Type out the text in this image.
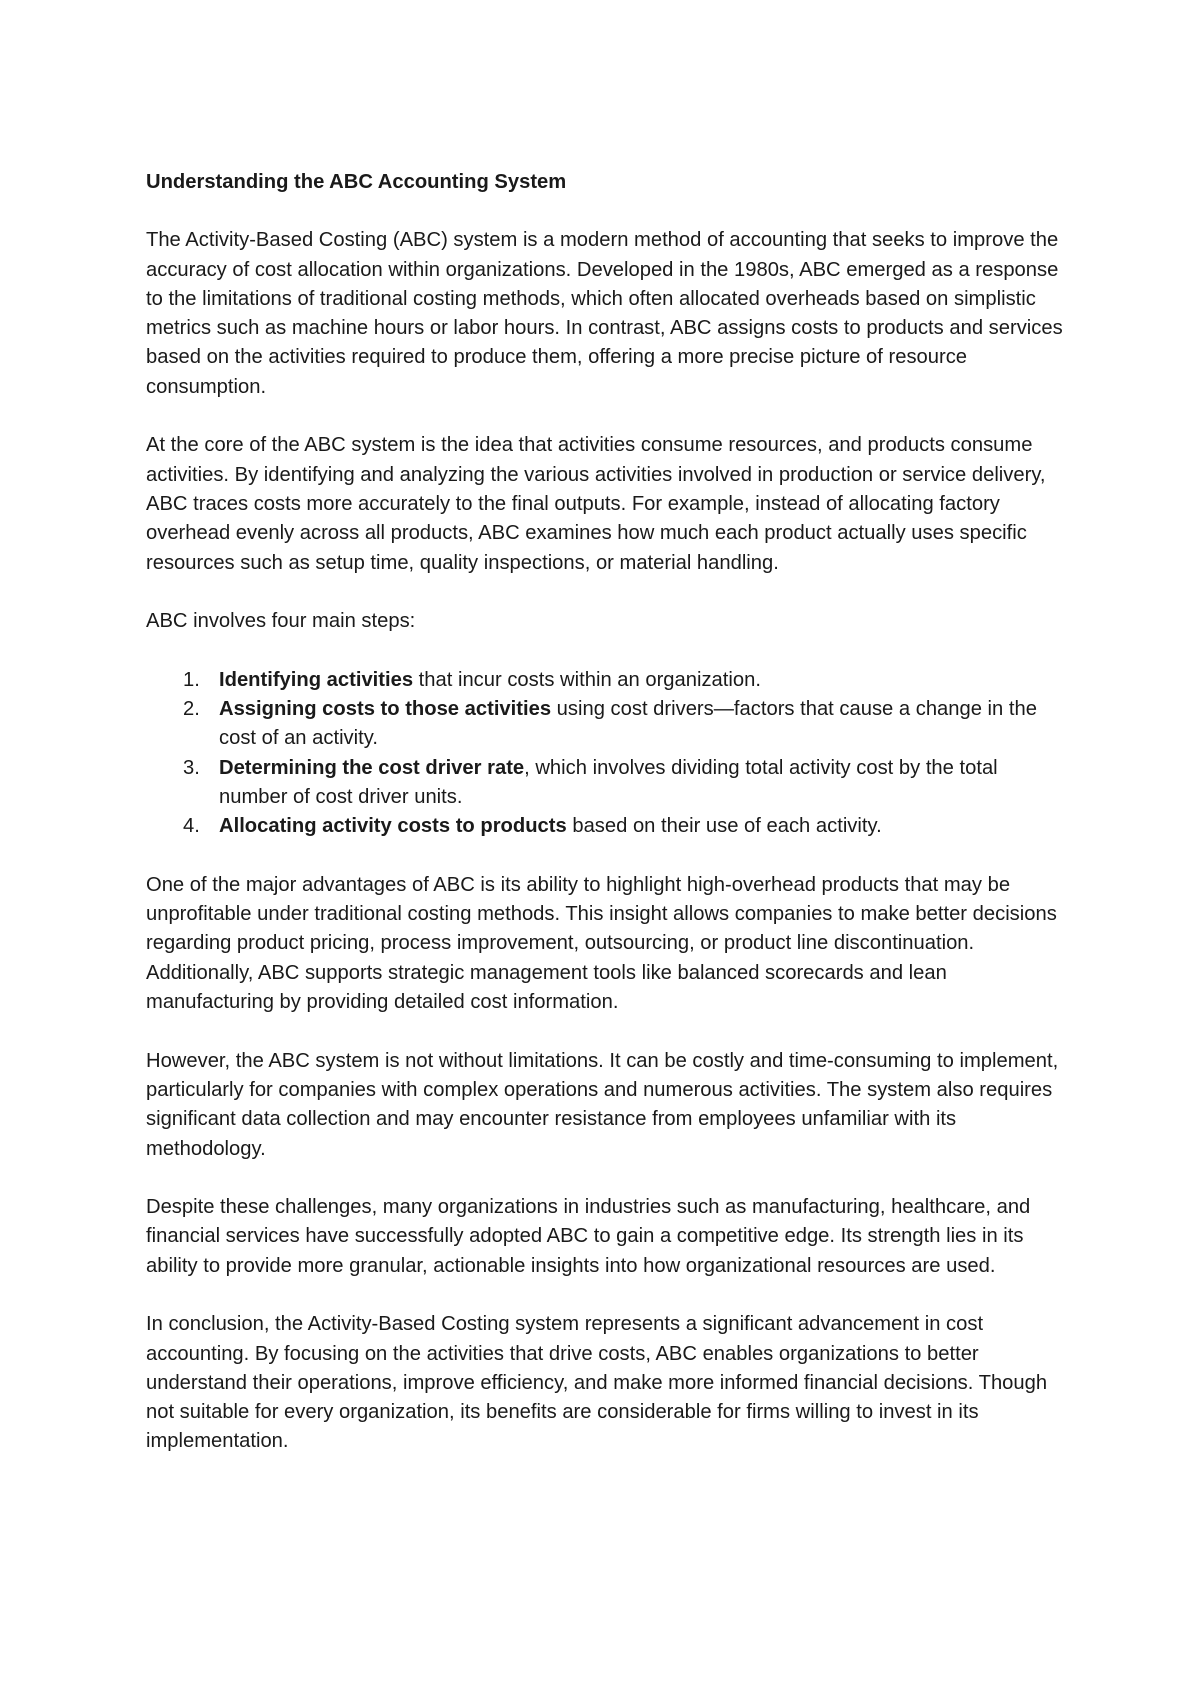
Understanding the ABC Accounting System

The Activity-Based Costing (ABC) system is a modern method of accounting that seeks to improve the accuracy of cost allocation within organizations. Developed in the 1980s, ABC emerged as a response to the limitations of traditional costing methods, which often allocated overheads based on simplistic metrics such as machine hours or labor hours. In contrast, ABC assigns costs to products and services based on the activities required to produce them, offering a more precise picture of resource consumption.

At the core of the ABC system is the idea that activities consume resources, and products consume activities. By identifying and analyzing the various activities involved in production or service delivery, ABC traces costs more accurately to the final outputs. For example, instead of allocating factory overhead evenly across all products, ABC examines how much each product actually uses specific resources such as setup time, quality inspections, or material handling.

ABC involves four main steps:

1. Identifying activities that incur costs within an organization.
2. Assigning costs to those activities using cost drivers—factors that cause a change in the cost of an activity.
3. Determining the cost driver rate, which involves dividing total activity cost by the total number of cost driver units.
4. Allocating activity costs to products based on their use of each activity.

One of the major advantages of ABC is its ability to highlight high-overhead products that may be unprofitable under traditional costing methods. This insight allows companies to make better decisions regarding product pricing, process improvement, outsourcing, or product line discontinuation. Additionally, ABC supports strategic management tools like balanced scorecards and lean manufacturing by providing detailed cost information.

However, the ABC system is not without limitations. It can be costly and time-consuming to implement, particularly for companies with complex operations and numerous activities. The system also requires significant data collection and may encounter resistance from employees unfamiliar with its methodology.

Despite these challenges, many organizations in industries such as manufacturing, healthcare, and financial services have successfully adopted ABC to gain a competitive edge. Its strength lies in its ability to provide more granular, actionable insights into how organizational resources are used.

In conclusion, the Activity-Based Costing system represents a significant advancement in cost accounting. By focusing on the activities that drive costs, ABC enables organizations to better understand their operations, improve efficiency, and make more informed financial decisions. Though not suitable for every organization, its benefits are considerable for firms willing to invest in its implementation.
